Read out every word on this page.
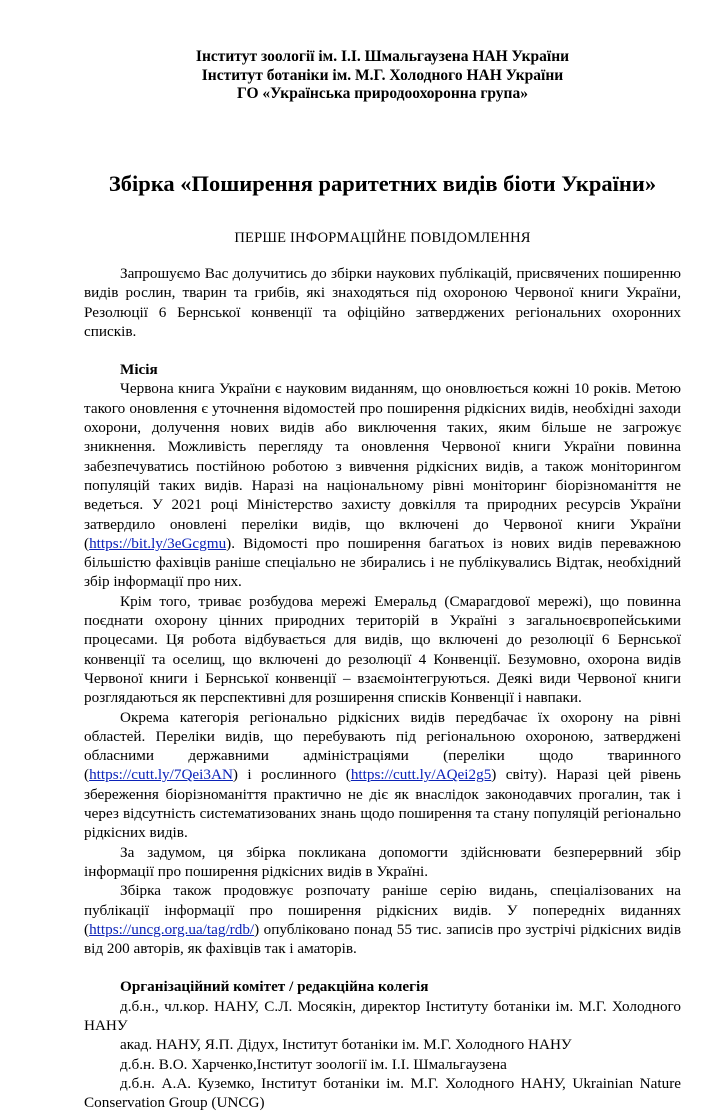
Інститут зоології ім. І.І. Шмальгаузена НАН України
Інститут ботаніки ім. М.Г. Холодного НАН України
ГО «Українська природоохоронна група»
Збірка «Поширення раритетних видів біоти України»
ПЕРШЕ ІНФОРМАЦІЙНЕ ПОВІДОМЛЕННЯ

Запрошуємо Вас долучитись до збірки наукових публікацій, присвячених поширенню видів рослин, тварин та грибів, які знаходяться під охороною Червоної книги України, Резолюції 6 Бернської конвенції та офіційно затверджених регіональних охоронних списків.

Місія

Червона книга України є науковим виданням, що оновлюється кожні 10 років. Метою такого оновлення є уточнення відомостей про поширення рідкісних видів, необхідні заходи охорони, долучення нових видів або виключення таких, яким більше не загрожує зникнення. Можливість перегляду та оновлення Червоної книги України повинна забезпечуватись постійною роботою з вивчення рідкісних видів, а також моніторингом популяцій таких видів. Наразі на національному рівні моніторинг біорізноманіття не ведеться. У 2021 році Міністерство захисту довкілля та природних ресурсів України затвердило оновлені переліки видів, що включені до Червоної книги України (https://bit.ly/3eGcgmu). Відомості про поширення багатьох із нових видів переважною більшістю фахівців раніше спеціально не збирались і не публікувались Відтак, необхідний збір інформації про них.

Крім того, триває розбудова мережі Емеральд (Смарагдової мережі), що повинна поєднати охорону цінних природних територій в Україні з загальноєвропейськими процесами. Ця робота відбувається для видів, що включені до резолюції 6 Бернської конвенції та оселищ, що включені до резолюції 4 Конвенції. Безумовно, охорона видів Червоної книги і Бернської конвенції – взаємоінтегруються. Деякі види Червоної книги розглядаються як перспективні для розширення списків Конвенції і навпаки.

Окрема категорія регіонально рідкісних видів передбачає їх охорону на рівні областей. Переліки видів, що перебувають під регіональною охороною, затверджені обласними державними адміністраціями (переліки щодо тваринного (https://cutt.ly/7Qei3AN) і рослинного (https://cutt.ly/AQei2g5) світу). Наразі цей рівень збереження біорізноманіття практично не діє як внаслідок законодавчих прогалин, так і через відсутність систематизованих знань щодо поширення та стану популяцій регіонально рідкісних видів.

За задумом, ця збірка покликана допомогти здійснювати безперервний збір інформації про поширення рідкісних видів в Україні.

Збірка також продовжує розпочату раніше серію видань, спеціалізованих на публікації інформації про поширення рідкісних видів. У попередніх виданнях (https://uncg.org.ua/tag/rdb/) опубліковано понад 55 тис. записів про зустрічі рідкісних видів від 200 авторів, як фахівців так і аматорів.

Організаційний комітет / редакційна колегія

д.б.н., чл.кор. НАНУ, С.Л. Мосякін, директор Інституту ботаніки ім. М.Г. Холодного НАНУ

акад. НАНУ, Я.П. Дідух, Інститут ботаніки ім. М.Г. Холодного НАНУ

д.б.н. В.О. Харченко,Інститут зоології ім. І.І. Шмальгаузена

д.б.н. А.А. Куземко, Інститут ботаніки ім. М.Г. Холодного НАНУ, Ukrainian Nature Conservation Group (UNCG)
